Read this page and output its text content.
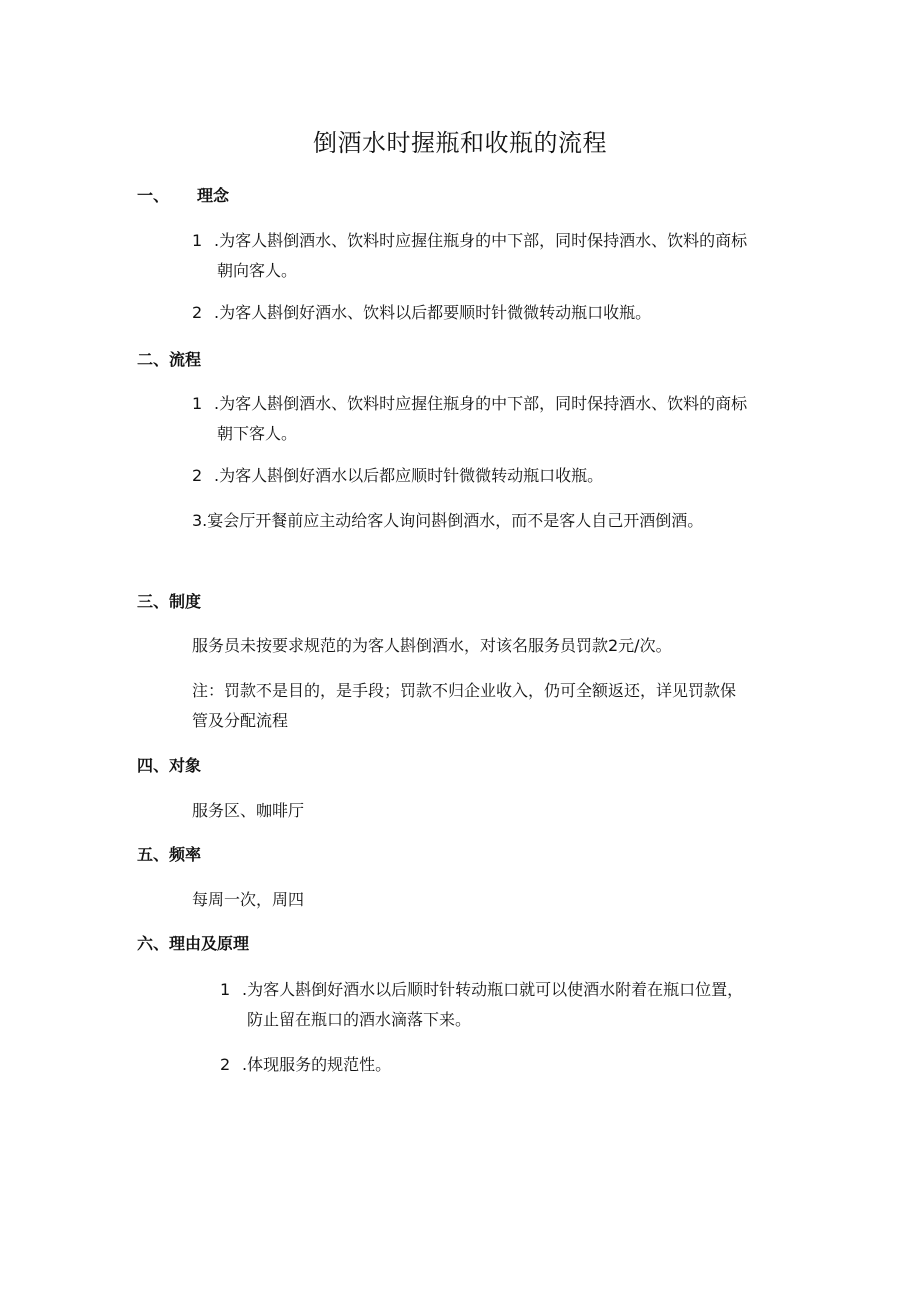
倒酒水时握瓶和收瓶的流程
一、 理念
1 .为客人斟倒酒水、饮料时应握住瓶身的中下部，同时保持酒水、饮料的商标
朝向客人。
2 .为客人斟倒好酒水、饮料以后都要顺时针微微转动瓶口收瓶。
二、流程
1 .为客人斟倒酒水、饮料时应握住瓶身的中下部，同时保持酒水、饮料的商标
朝下客人。
2 .为客人斟倒好酒水以后都应顺时针微微转动瓶口收瓶。
3.宴会厅开餐前应主动给客人询问斟倒酒水，而不是客人自己开酒倒酒。
三、制度
服务员未按要求规范的为客人斟倒酒水，对该名服务员罚款2元/次。
注：罚款不是目的，是手段；罚款不归企业收入，仍可全额返还，详见罚款保
管及分配流程
四、对象
服务区、咖啡厅
五、频率
每周一次，周四
六、理由及原理
1 .为客人斟倒好酒水以后顺时针转动瓶口就可以使酒水附着在瓶口位置，
防止留在瓶口的酒水滴落下来。
2 .体现服务的规范性。
